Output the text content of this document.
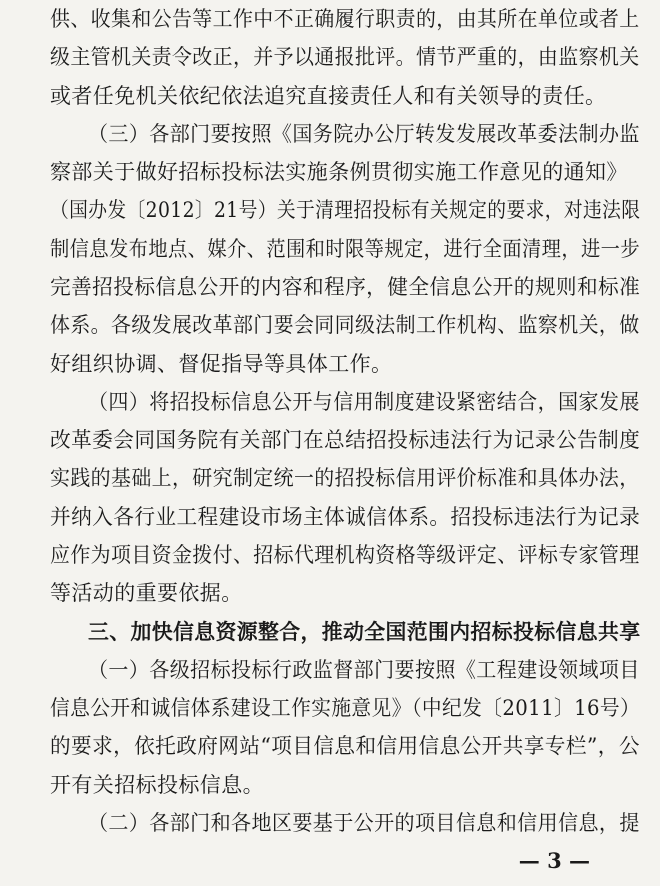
供、收集和公告等工作中不正确履行职责的，由其所在单位或者上
级主管机关责令改正，并予以通报批评。情节严重的，由监察机关
或者任免机关依纪依法追究直接责任人和有关领导的责任。
（三）各部门要按照《国务院办公厅转发发展改革委法制办监
察部关于做好招标投标法实施条例贯彻实施工作意见的通知》
（国办发〔2012〕21号）关于清理招投标有关规定的要求，对违法限
制信息发布地点、媒介、范围和时限等规定，进行全面清理，进一步
完善招投标信息公开的内容和程序，健全信息公开的规则和标准
体系。各级发展改革部门要会同同级法制工作机构、监察机关，做
好组织协调、督促指导等具体工作。
（四）将招投标信息公开与信用制度建设紧密结合，国家发展
改革委会同国务院有关部门在总结招投标违法行为记录公告制度
实践的基础上，研究制定统一的招投标信用评价标准和具体办法，
并纳入各行业工程建设市场主体诚信体系。招投标违法行为记录
应作为项目资金拨付、招标代理机构资格等级评定、评标专家管理
等活动的重要依据。
三、加快信息资源整合，推动全国范围内招标投标信息共享
（一）各级招标投标行政监督部门要按照《工程建设领域项目
信息公开和诚信体系建设工作实施意见》（中纪发〔2011〕16号）
的要求，依托政府网站“项目信息和信用信息公开共享专栏”，公
开有关招标投标信息。
（二）各部门和各地区要基于公开的项目信息和信用信息，提
— 3 —
